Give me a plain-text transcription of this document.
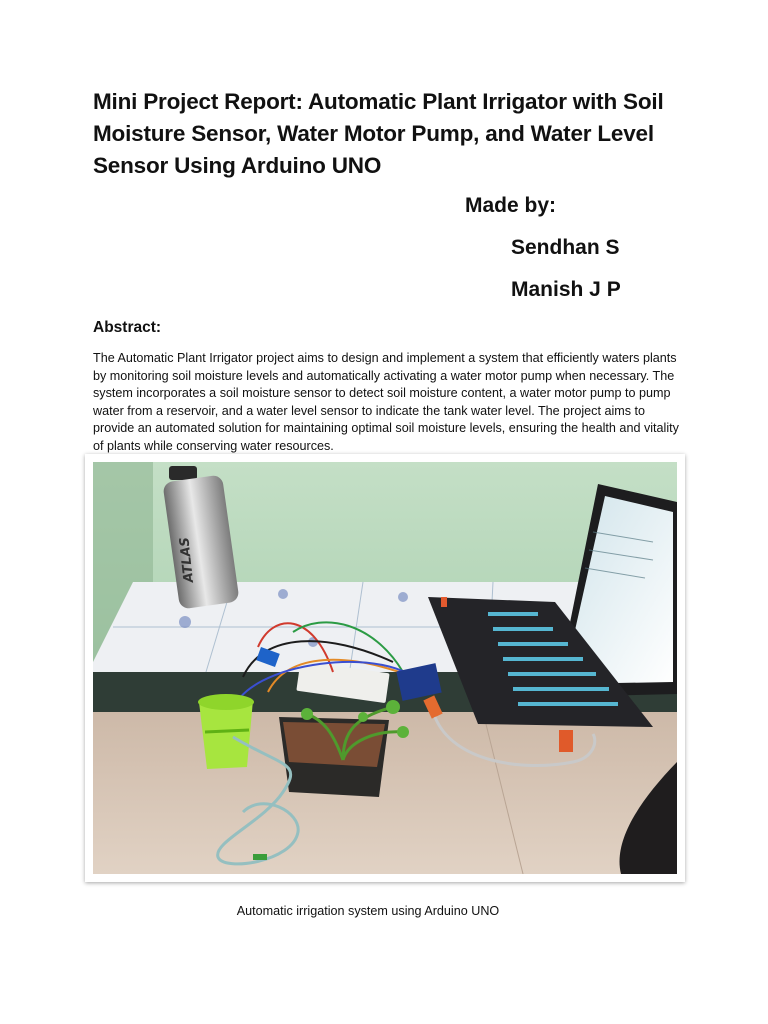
Mini Project Report: Automatic Plant Irrigator with Soil Moisture Sensor, Water Motor Pump, and Water Level Sensor Using Arduino UNO

Made by:

Sendhan S

Manish J P

Abstract:

The Automatic Plant Irrigator project aims to design and implement a system that efficiently waters plants by monitoring soil moisture levels and automatically activating a water motor pump when necessary. The system incorporates a soil moisture sensor to detect soil moisture content, a water motor pump to pump water from a reservoir, and a water level sensor to indicate the tank water level. The project aims to provide an automated solution for maintaining optimal soil moisture levels, ensuring the health and vitality of plants while conserving water resources.

ATLAS

Automatic irrigation system using Arduino UNO
